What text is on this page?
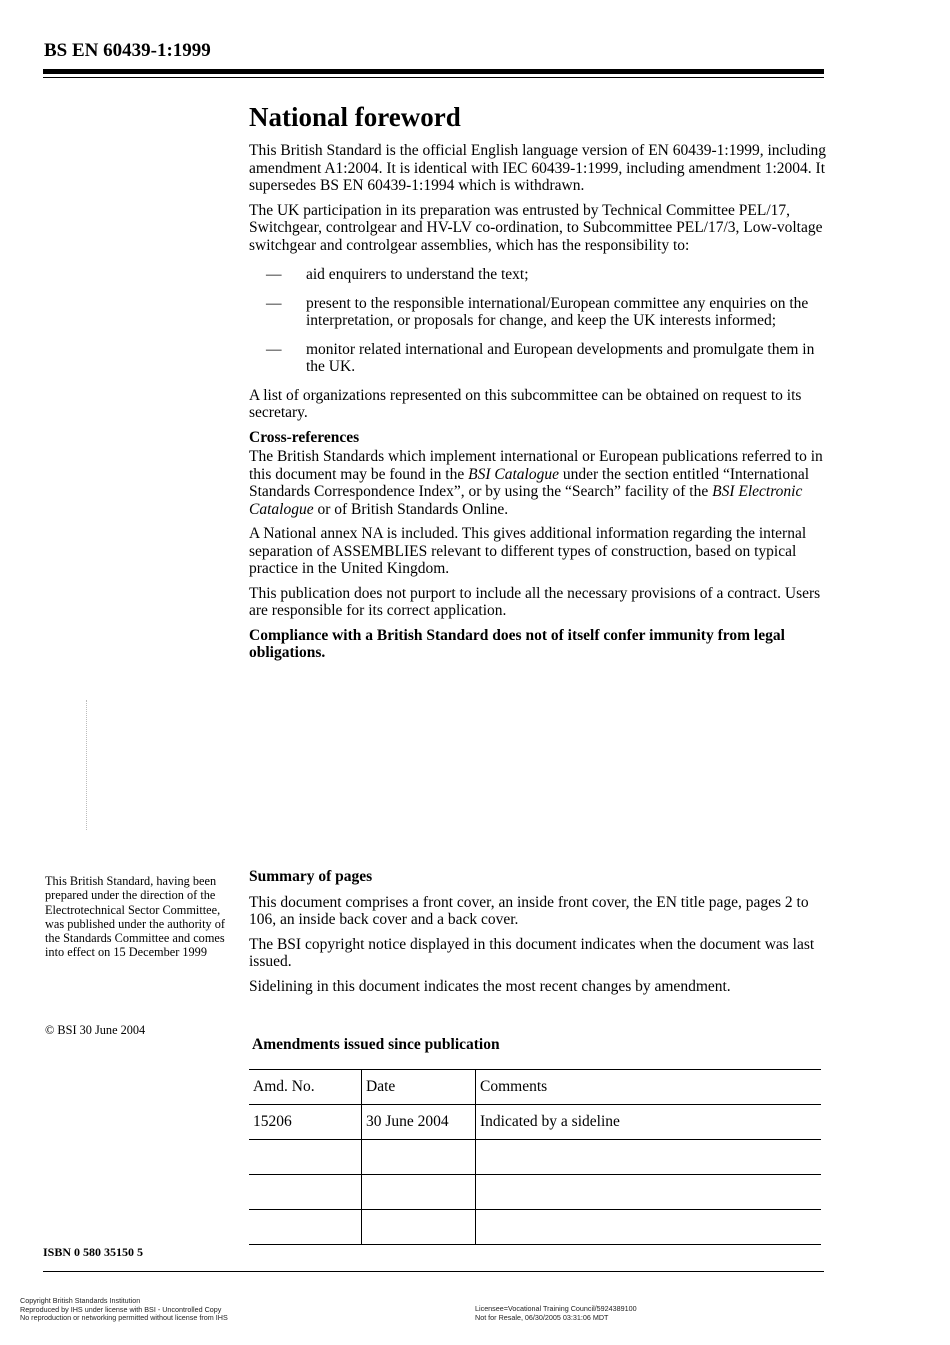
BS EN 60439-1:1999
National foreword

This British Standard is the official English language version of EN 60439-1:1999, including amendment A1:2004. It is identical with IEC 60439-1:1999, including amendment 1:2004. It supersedes BS EN 60439-1:1994 which is withdrawn.

The UK participation in its preparation was entrusted by Technical Committee PEL/17, Switchgear, controlgear and HV-LV co-ordination, to Subcommittee PEL/17/3, Low-voltage switchgear and controlgear assemblies, which has the responsibility to:

—	aid enquirers to understand the text;
—	present to the responsible international/European committee any enquiries on the interpretation, or proposals for change, and keep the UK interests informed;
—	monitor related international and European developments and promulgate them in the UK.

A list of organizations represented on this subcommittee can be obtained on request to its secretary.

Cross-references

The British Standards which implement international or European publications referred to in this document may be found in the BSI Catalogue under the section entitled “International Standards Correspondence Index”, or by using the “Search” facility of the BSI Electronic Catalogue or of British Standards Online.

A National annex NA is included. This gives additional information regarding the internal separation of ASSEMBLIES relevant to different types of construction, based on typical practice in the United Kingdom.

This publication does not purport to include all the necessary provisions of a contract. Users are responsible for its correct application.

Compliance with a British Standard does not of itself confer immunity from legal obligations.

This British Standard, having been prepared under the direction of the Electrotechnical Sector Committee, was published under the authority of the Standards Committee and comes into effect on 15 December 1999
© BSI 30 June 2004
Summary of pages

This document comprises a front cover, an inside front cover, the EN title page, pages 2 to 106, an inside back cover and a back cover.

The BSI copyright notice displayed in this document indicates when the document was last issued.

Sidelining in this document indicates the most recent changes by amendment.

Amendments issued since publication
Amd. No.	Date	Comments
15206	30 June 2004	Indicated by a sideline

ISBN 0 580 35150 5
Copyright British Standards Institution
Reproduced by IHS under license with BSI - Uncontrolled Copy
No reproduction or networking permitted without license from IHS
Licensee=Vocational Training Council/5924389100
Not for Resale, 06/30/2005 03:31:06 MDT
